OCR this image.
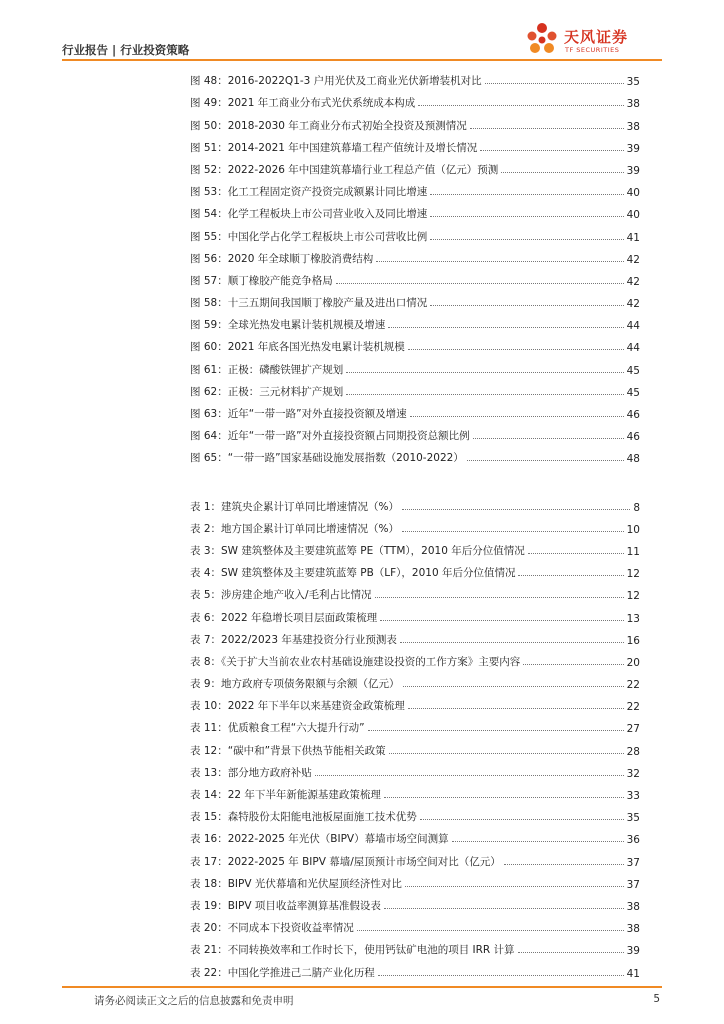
行业报告 | 行业投资策略
天风证券
TF SECURITIES
图 48：2016-2022Q1-3 户用光伏及工商业光伏新增装机对比	35
图 49：2021 年工商业分布式光伏系统成本构成	38
图 50：2018-2030 年工商业分布式初始全投资及预测情况	38
图 51：2014-2021 年中国建筑幕墙工程产值统计及增长情况	39
图 52：2022-2026 年中国建筑幕墙行业工程总产值（亿元）预测	39
图 53：化工工程固定资产投资完成额累计同比增速	40
图 54：化学工程板块上市公司营业收入及同比增速	40
图 55：中国化学占化学工程板块上市公司营收比例	41
图 56：2020 年全球顺丁橡胶消费结构	42
图 57：顺丁橡胶产能竞争格局	42
图 58：十三五期间我国顺丁橡胶产量及进出口情况	42
图 59：全球光热发电累计装机规模及增速	44
图 60：2021 年底各国光热发电累计装机规模	44
图 61：正极：磷酸铁锂扩产规划	45
图 62：正极：三元材料扩产规划	45
图 63：近年“一带一路”对外直接投资额及增速	46
图 64：近年“一带一路”对外直接投资额占同期投资总额比例	46
图 65：“一带一路”国家基础设施发展指数（2010-2022）	48
表 1：建筑央企累计订单同比增速情况（%）	8
表 2：地方国企累计订单同比增速情况（%）	10
表 3：SW 建筑整体及主要建筑蓝筹 PE（TTM），2010 年后分位值情况	11
表 4：SW 建筑整体及主要建筑蓝筹 PB（LF），2010 年后分位值情况	12
表 5：涉房建企地产收入/毛利占比情况	12
表 6：2022 年稳增长项目层面政策梳理	13
表 7：2022/2023 年基建投资分行业预测表	16
表 8：《关于扩大当前农业农村基础设施建设投资的工作方案》主要内容	20
表 9：地方政府专项债务限额与余额（亿元）	22
表 10：2022 年下半年以来基建资金政策梳理	22
表 11：优质粮食工程“六大提升行动”	27
表 12：“碳中和”背景下供热节能相关政策	28
表 13：部分地方政府补贴	32
表 14：22 年下半年新能源基建政策梳理	33
表 15：森特股份太阳能电池板屋面施工技术优势	35
表 16：2022-2025 年光伏（BIPV）幕墙市场空间测算	36
表 17：2022-2025 年 BIPV 幕墙/屋顶预计市场空间对比（亿元）	37
表 18：BIPV 光伏幕墙和光伏屋顶经济性对比	37
表 19：BIPV 项目收益率测算基准假设表	38
表 20：不同成本下投资收益率情况	38
表 21：不同转换效率和工作时长下，使用钙钛矿电池的项目 IRR 计算	39
表 22：中国化学推进己二腈产业化历程	41
请务必阅读正文之后的信息披露和免责申明	5
